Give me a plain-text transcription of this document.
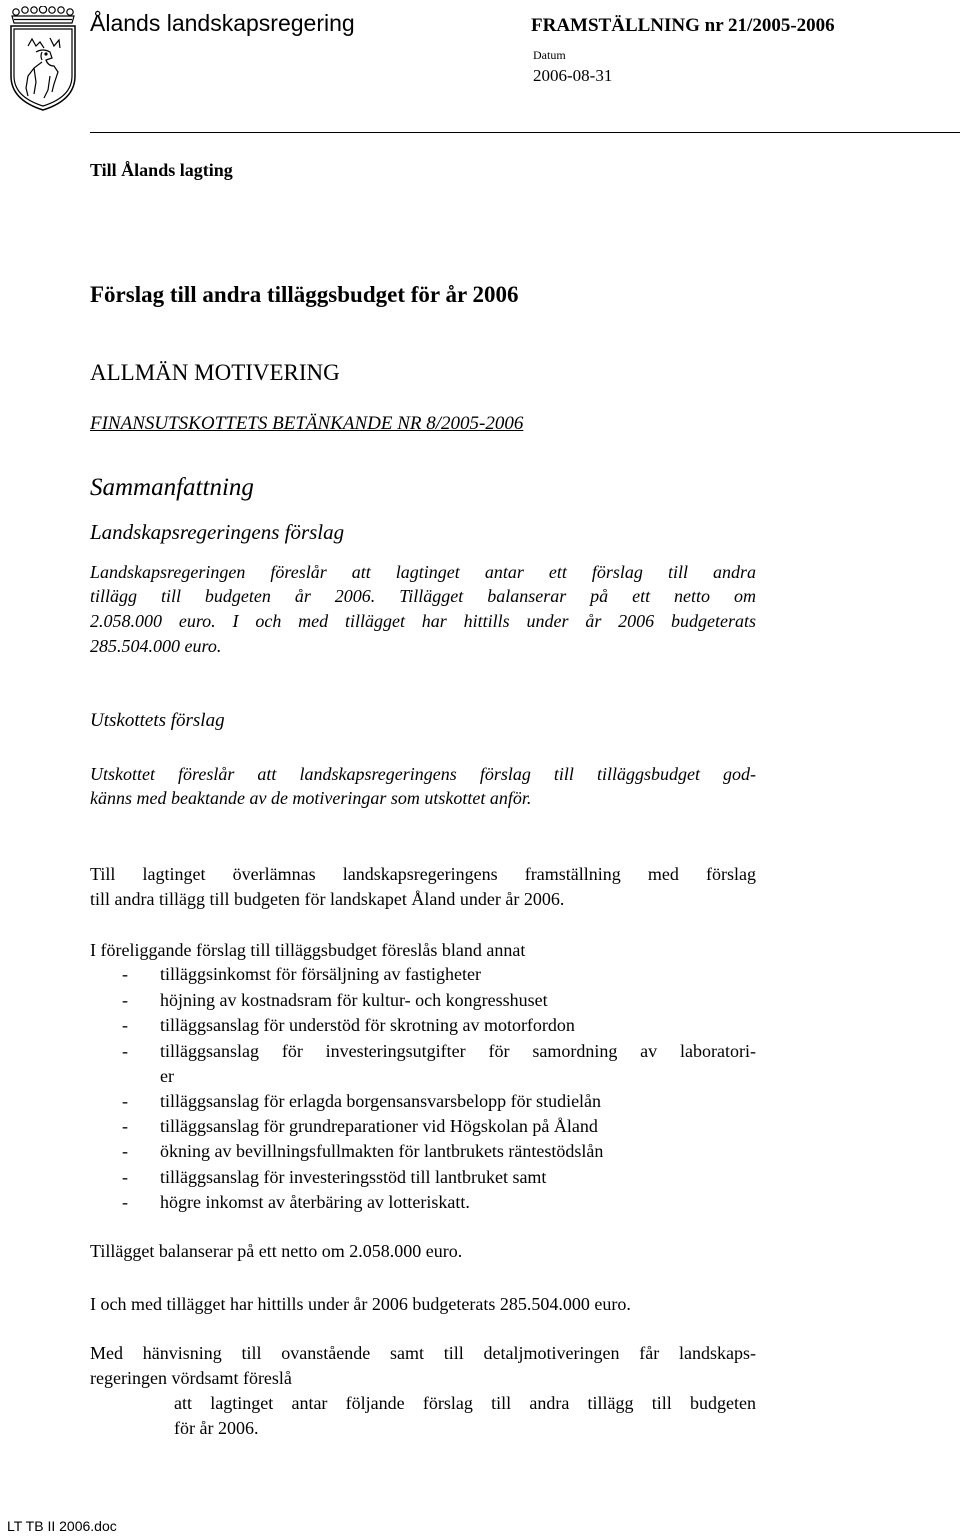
Ålands landskapsregering	FRAMSTÄLLNING nr 21/2005-2006
Datum
2006-08-31
Till Ålands lagting
Förslag till andra tilläggsbudget för år 2006
ALLMÄN MOTIVERING
FINANSUTSKOTTETS BETÄNKANDE NR 8/2005-2006
Sammanfattning
Landskapsregeringens förslag
Landskapsregeringen föreslår att lagtinget antar ett förslag till andra
tillägg till budgeten år 2006. Tillägget balanserar på ett netto om
2.058.000 euro. I och med tillägget har hittills under år 2006 budgeterats
285.504.000 euro.
Utskottets förslag
Utskottet föreslår att landskapsregeringens förslag till tilläggsbudget god-
känns med beaktande av de motiveringar som utskottet anför.
Till lagtinget överlämnas landskapsregeringens framställning med förslag
till andra tillägg till budgeten för landskapet Åland under år 2006.
I föreliggande förslag till tilläggsbudget föreslås bland annat
- tilläggsinkomst för försäljning av fastigheter
- höjning av kostnadsram för kultur- och kongresshuset
- tilläggsanslag för understöd för skrotning av motorfordon
- tilläggsanslag för investeringsutgifter för samordning av laboratori-
er
- tilläggsanslag för erlagda borgensansvarsbelopp för studielån
- tilläggsanslag för grundreparationer vid Högskolan på Åland
- ökning av bevillningsfullmakten för lantbrukets räntestödslån
- tilläggsanslag för investeringsstöd till lantbruket samt
- högre inkomst av återbäring av lotteriskatt.
Tillägget balanserar på ett netto om 2.058.000 euro.
I och med tillägget har hittills under år 2006 budgeterats 285.504.000 euro.
Med hänvisning till ovanstående samt till detaljmotiveringen får landskaps-
regeringen vördsamt föreslå
att lagtinget antar följande förslag till andra tillägg till budgeten
för år 2006.
LT TB II 2006.doc
